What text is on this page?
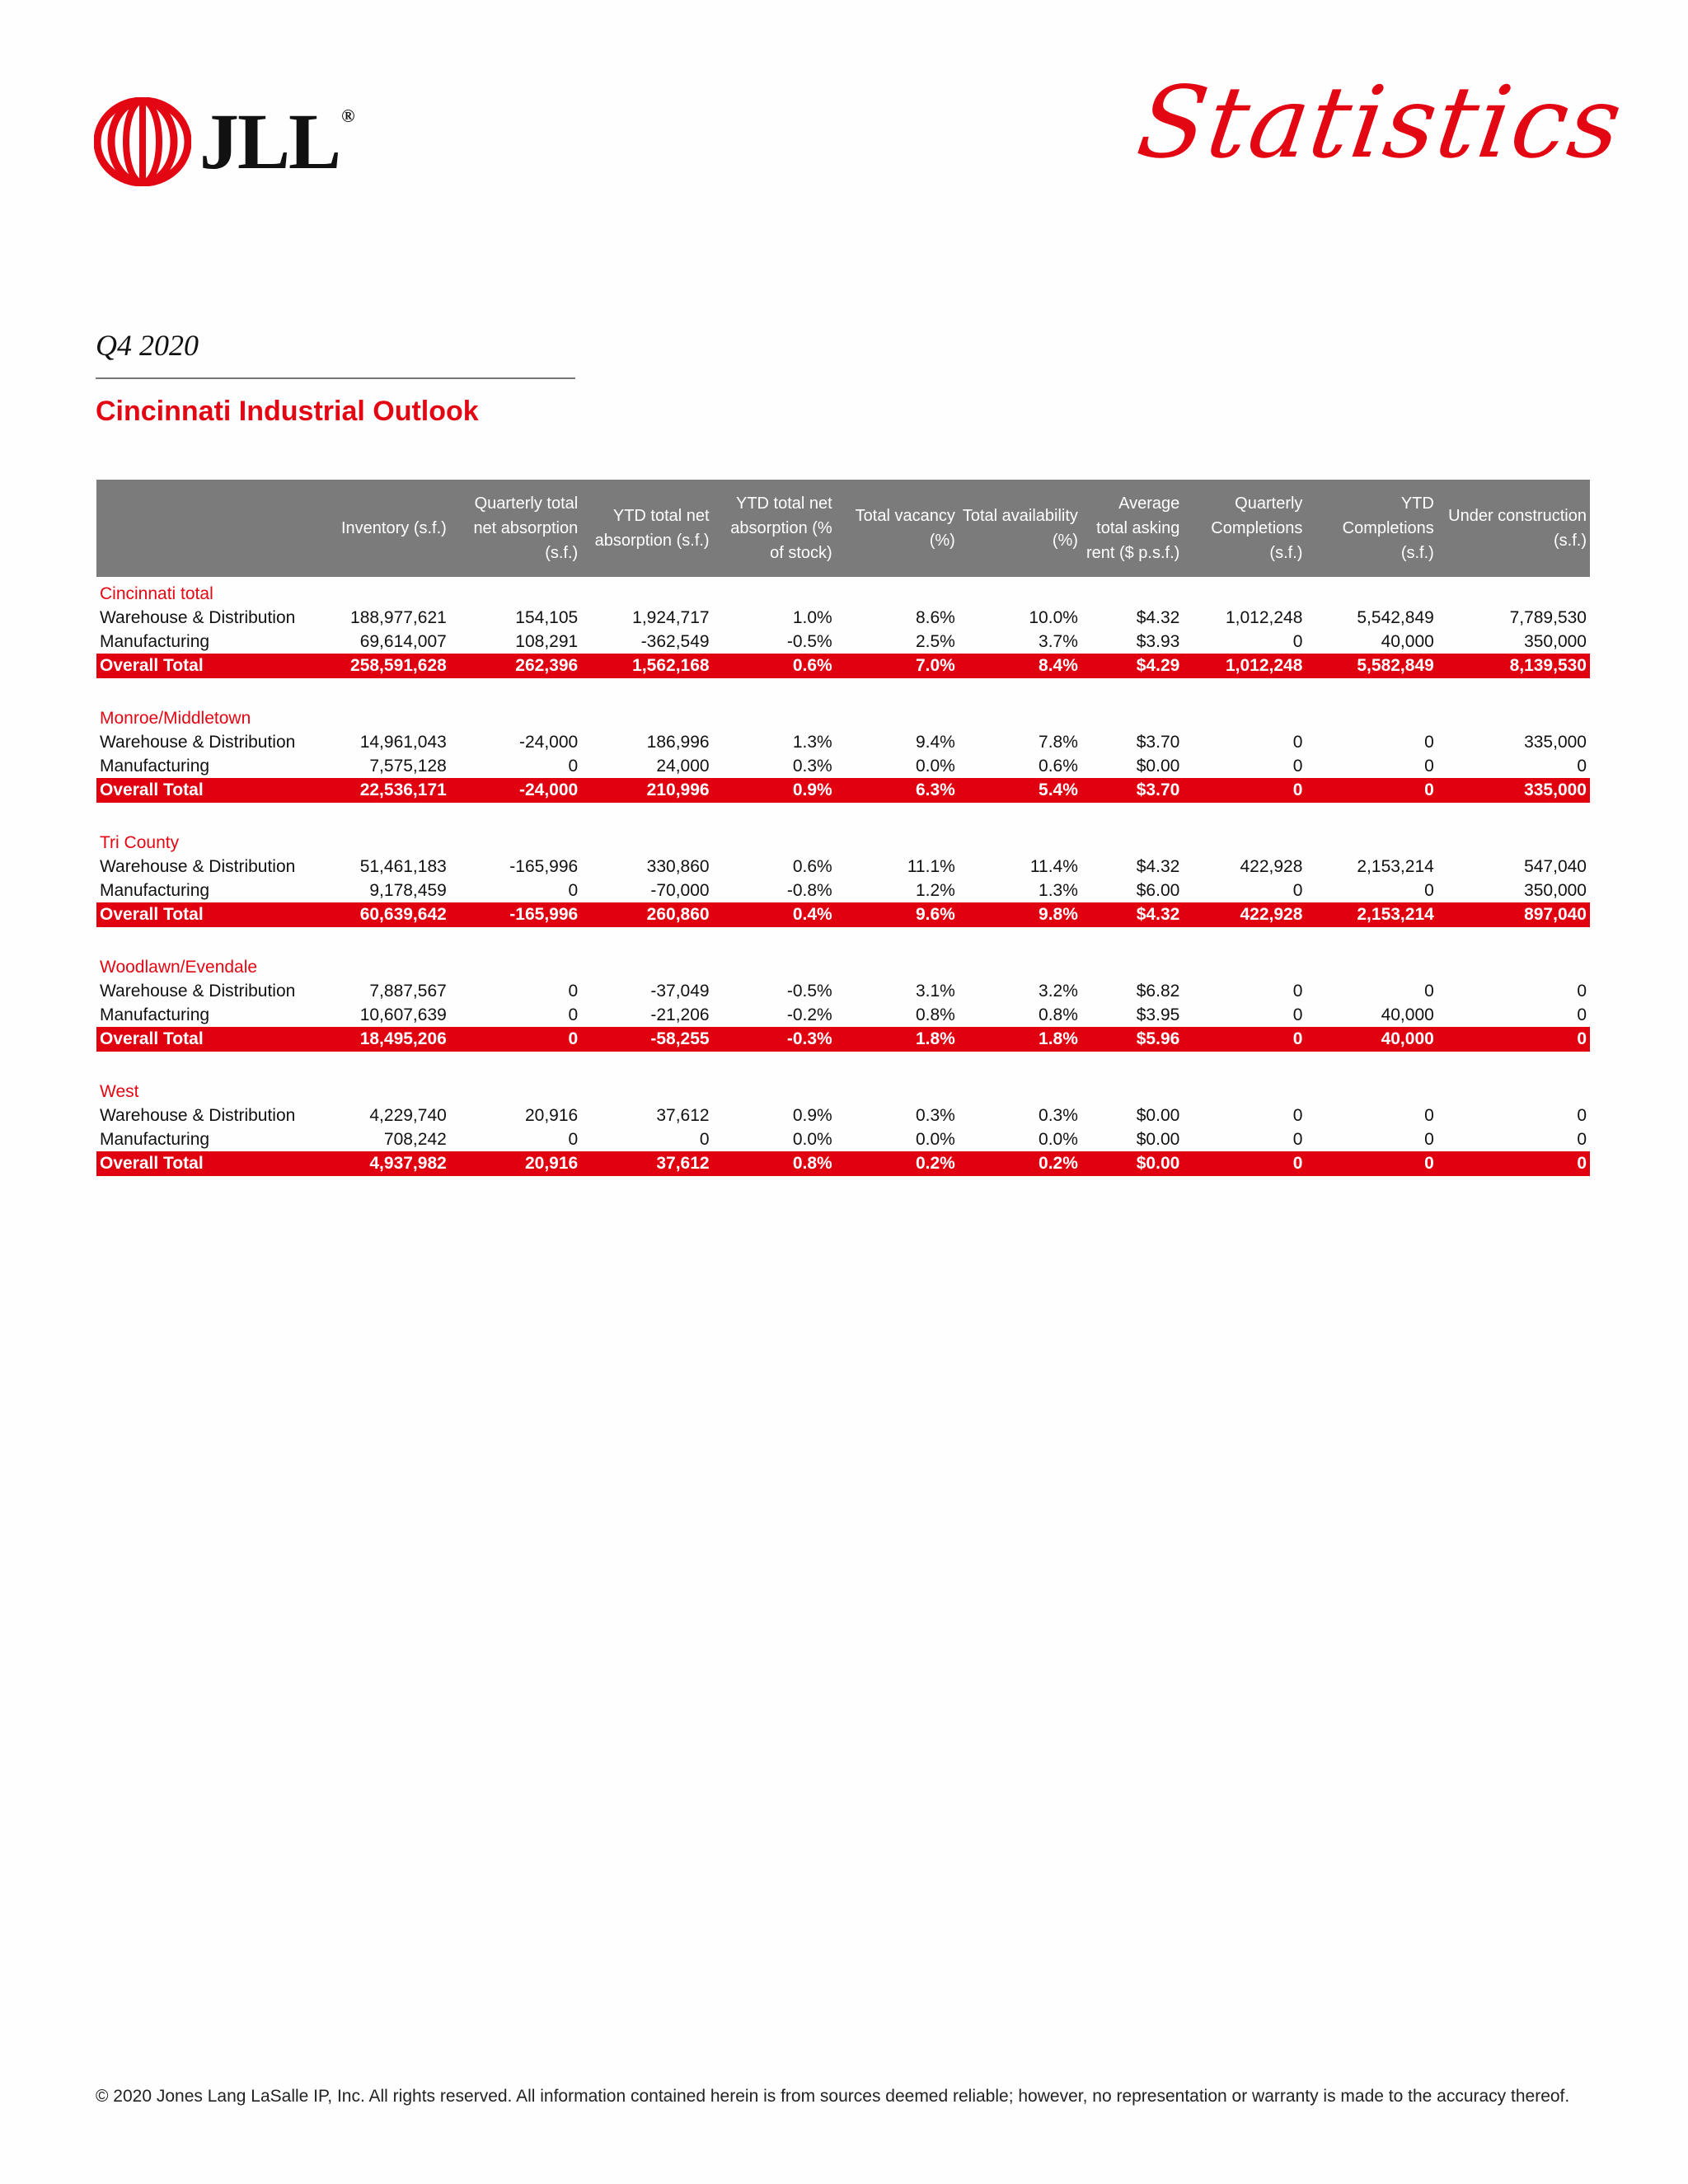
JLL®	Statistics
Q4 2020
Cincinnati Industrial Outlook
	Inventory (s.f.)	Quarterly total net absorption (s.f.)	YTD total net absorption (s.f.)	YTD total net absorption (% of stock)	Total vacancy (%)	Total availability (%)	Average total asking rent ($ p.s.f.)	Quarterly Completions (s.f.)	YTD Completions (s.f.)	Under construction (s.f.)
Cincinnati total										
Warehouse & Distribution	188,977,621	154,105	1,924,717	1.0%	8.6%	10.0%	$4.32	1,012,248	5,542,849	7,789,530
Manufacturing	69,614,007	108,291	-362,549	-0.5%	2.5%	3.7%	$3.93	0	40,000	350,000
Overall Total	258,591,628	262,396	1,562,168	0.6%	7.0%	8.4%	$4.29	1,012,248	5,582,849	8,139,530

Monroe/Middletown										
Warehouse & Distribution	14,961,043	-24,000	186,996	1.3%	9.4%	7.8%	$3.70	0	0	335,000
Manufacturing	7,575,128	0	24,000	0.3%	0.0%	0.6%	$0.00	0	0	0
Overall Total	22,536,171	-24,000	210,996	0.9%	6.3%	5.4%	$3.70	0	0	335,000

Tri County										
Warehouse & Distribution	51,461,183	-165,996	330,860	0.6%	11.1%	11.4%	$4.32	422,928	2,153,214	547,040
Manufacturing	9,178,459	0	-70,000	-0.8%	1.2%	1.3%	$6.00	0	0	350,000
Overall Total	60,639,642	-165,996	260,860	0.4%	9.6%	9.8%	$4.32	422,928	2,153,214	897,040

Woodlawn/Evendale										
Warehouse & Distribution	7,887,567	0	-37,049	-0.5%	3.1%	3.2%	$6.82	0	0	0
Manufacturing	10,607,639	0	-21,206	-0.2%	0.8%	0.8%	$3.95	0	40,000	0
Overall Total	18,495,206	0	-58,255	-0.3%	1.8%	1.8%	$5.96	0	40,000	0

West										
Warehouse & Distribution	4,229,740	20,916	37,612	0.9%	0.3%	0.3%	$0.00	0	0	0
Manufacturing	708,242	0	0	0.0%	0.0%	0.0%	$0.00	0	0	0
Overall Total	4,937,982	20,916	37,612	0.8%	0.2%	0.2%	$0.00	0	0	0
© 2020 Jones Lang LaSalle IP, Inc. All rights reserved. All information contained herein is from sources deemed reliable; however, no representation or warranty is made to the accuracy thereof.
